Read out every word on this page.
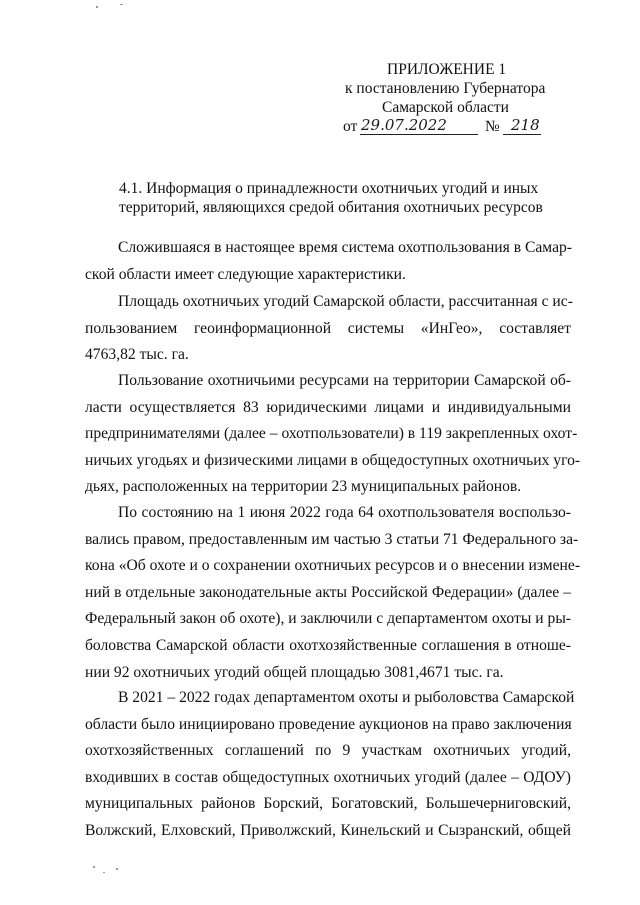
ПРИЛОЖЕНИЕ 1
к постановлению Губернатора
Самарской области
от 29.07.2022 № 218
4.1. Информация о принадлежности охотничьих угодий и иных
территорий, являющихся средой обитания охотничьих ресурсов
Сложившаяся в настоящее время система охотпользования в Самар-
ской области имеет следующие характеристики.
Площадь охотничьих угодий Самарской области, рассчитанная с ис-
пользованием геоинформационной системы «ИнГео», составляет
4763,82 тыс. га.
Пользование охотничьими ресурсами на территории Самарской об-
ласти осуществляется 83 юридическими лицами и индивидуальными
предпринимателями (далее – охотпользователи) в 119 закрепленных охот-
ничьих угодьях и физическими лицами в общедоступных охотничьих уго-
дьях, расположенных на территории 23 муниципальных районов.
По состоянию на 1 июня 2022 года 64 охотпользователя воспользо-
вались правом, предоставленным им частью 3 статьи 71 Федерального за-
кона «Об охоте и о сохранении охотничьих ресурсов и о внесении измене-
ний в отдельные законодательные акты Российской Федерации» (далее –
Федеральный закон об охоте), и заключили с департаментом охоты и ры-
боловства Самарской области охотхозяйственные соглашения в отноше-
нии 92 охотничьих угодий общей площадью 3081,4671 тыс. га.
В 2021 – 2022 годах департаментом охоты и рыболовства Самарской
области было инициировано проведение аукционов на право заключения
охотхозяйственных соглашений по 9 участкам охотничьих угодий,
входивших в состав общедоступных охотничьих угодий (далее – ОДОУ)
муниципальных районов Борский, Богатовский, Большечерниговский,
Волжский, Елховский, Приволжский, Кинельский и Сызранский, общей
